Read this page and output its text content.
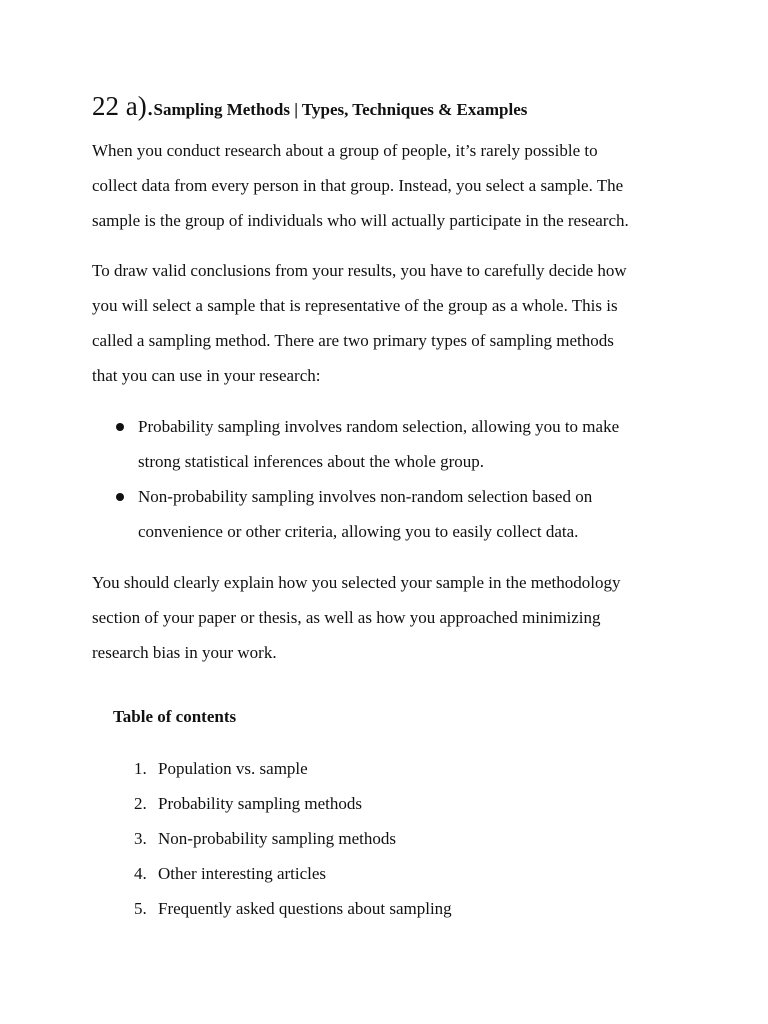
22 a).Sampling Methods | Types, Techniques & Examples

When you conduct research about a group of people, it’s rarely possible to
collect data from every person in that group. Instead, you select a sample. The
sample is the group of individuals who will actually participate in the research.

To draw valid conclusions from your results, you have to carefully decide how
you will select a sample that is representative of the group as a whole. This is
called a sampling method. There are two primary types of sampling methods
that you can use in your research:

Probability sampling involves random selection, allowing you to make
strong statistical inferences about the whole group.
Non-probability sampling involves non-random selection based on
convenience or other criteria, allowing you to easily collect data.

You should clearly explain how you selected your sample in the methodology
section of your paper or thesis, as well as how you approached minimizing
research bias in your work.

Table of contents
1. Population vs. sample
2. Probability sampling methods
3. Non-probability sampling methods
4. Other interesting articles
5. Frequently asked questions about sampling
